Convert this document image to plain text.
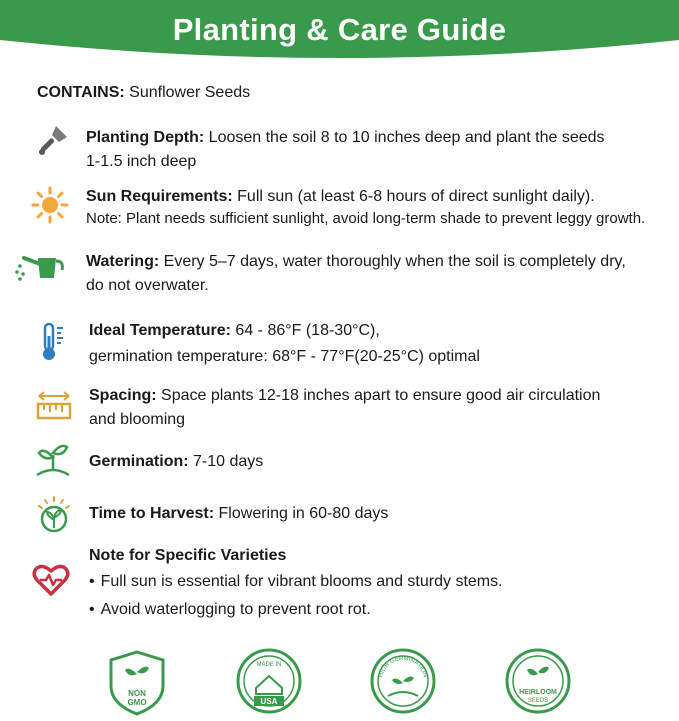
Planting & Care Guide
CONTAINS: Sunflower Seeds
Planting Depth: Loosen the soil 8 to 10 inches deep and plant the seeds
1-1.5 inch deep
Sun Requirements: Full sun (at least 6-8 hours of direct sunlight daily).
Note: Plant needs sufficient sunlight, avoid long-term shade to prevent leggy growth.
Watering: Every 5–7 days, water thoroughly when the soil is completely dry,
do not overwater.
Ideal Temperature: 64 - 86°F (18-30°C),
germination temperature: 68°F - 77°F(20-25°C) optimal
Spacing: Space plants 12-18 inches apart to ensure good air circulation
and blooming
Germination: 7-10 days
Time to Harvest: Flowering in 60-80 days
Note for Specific Varieties
• Full sun is essential for vibrant blooms and sturdy stems.
• Avoid waterlogging to prevent root rot.
NON
GMO
MADE IN
USA
HIGH GERMINATION
HEIRLOOM
SEEDS
